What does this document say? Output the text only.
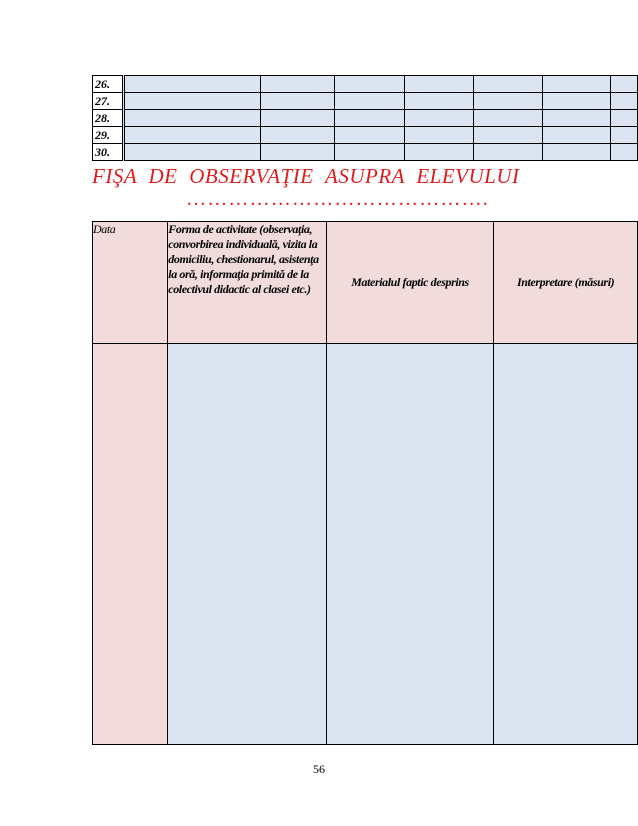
26.							
27.							
28.							
29.							
30.							
FIŞA DE OBSERVAŢIE ASUPRA ELEVULUI
…………………………………….
Data	Forma de activitate (observaţia, convorbirea individuală, vizita la domiciliu, chestionarul, asistenţa la oră, informaţia primită de la colectivul didactic al clasei etc.)	Materialul faptic desprins	Interpretare (măsuri)

56
